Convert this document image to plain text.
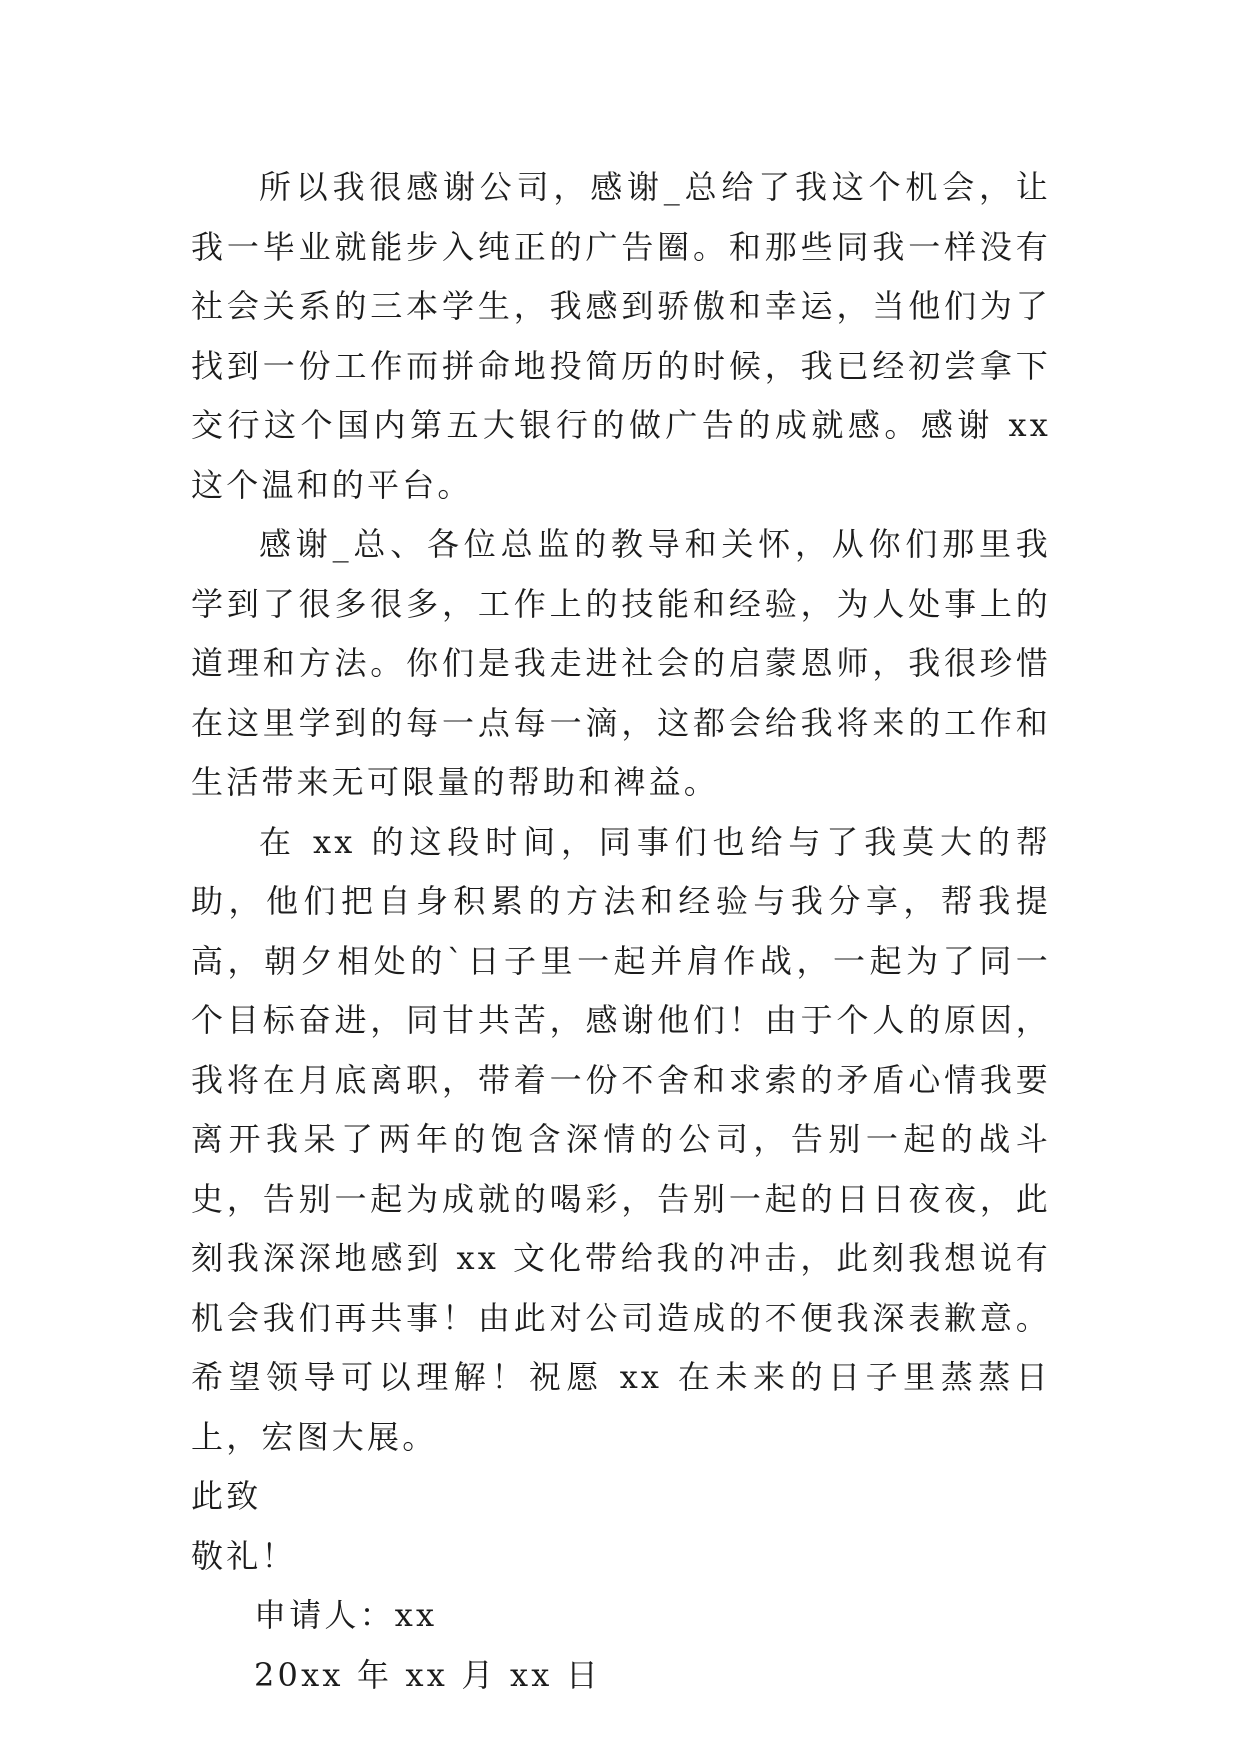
所以我很感谢公司，感谢_总给了我这个机会，让我一毕业就能步入纯正的广告圈。和那些同我一样没有社会关系的三本学生，我感到骄傲和幸运，当他们为了找到一份工作而拼命地投简历的时候，我已经初尝拿下交行这个国内第五大银行的做广告的成就感。感谢 xx 这个温和的平台。

感谢_总、各位总监的教导和关怀，从你们那里我学到了很多很多，工作上的技能和经验，为人处事上的道理和方法。你们是我走进社会的启蒙恩师，我很珍惜在这里学到的每一点每一滴，这都会给我将来的工作和生活带来无可限量的帮助和裨益。

在 xx 的这段时间，同事们也给与了我莫大的帮助，他们把自身积累的方法和经验与我分享，帮我提高，朝夕相处的`日子里一起并肩作战，一起为了同一个目标奋进，同甘共苦，感谢他们！由于个人的原因，我将在月底离职，带着一份不舍和求索的矛盾心情我要离开我呆了两年的饱含深情的公司，告别一起的战斗史，告别一起为成就的喝彩，告别一起的日日夜夜，此刻我深深地感到 xx 文化带给我的冲击，此刻我想说有机会我们再共事！由此对公司造成的不便我深表歉意。希望领导可以理解！祝愿 xx 在未来的日子里蒸蒸日上，宏图大展。

此致

敬礼！

申请人：xx

20xx 年 xx 月 xx 日
